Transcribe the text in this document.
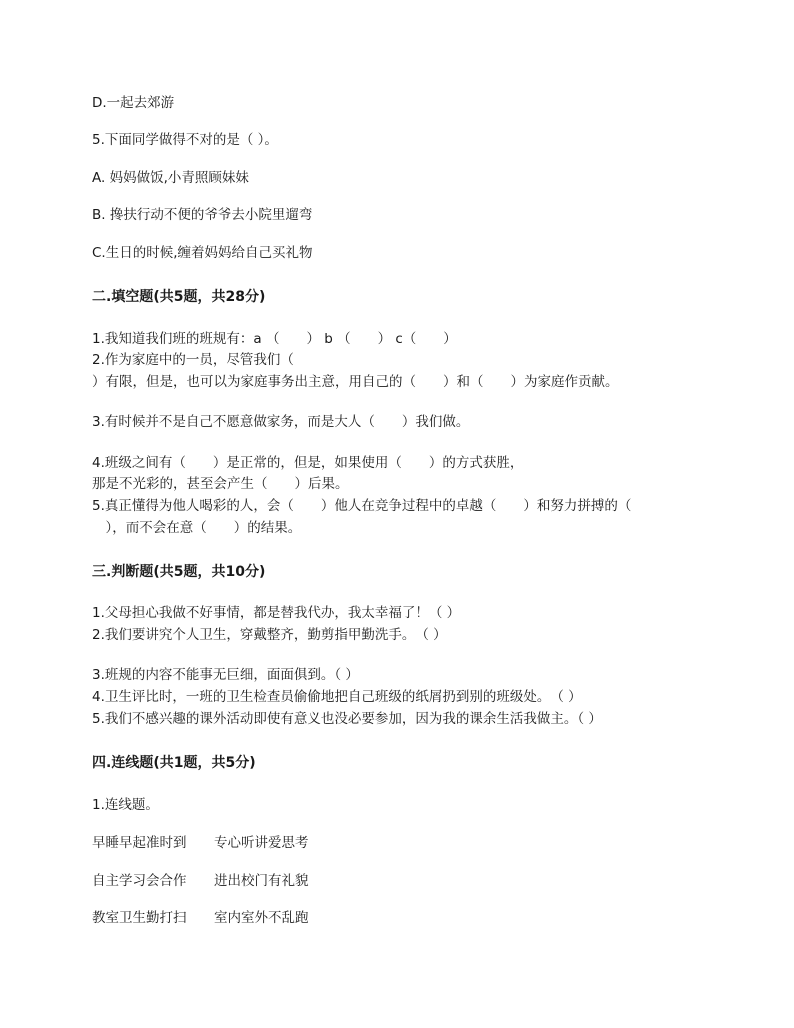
D.一起去郊游
5.下面同学做得不对的是（ ）。
A. 妈妈做饭,小青照顾妹妹
B. 搀扶行动不便的爷爷去小院里遛弯
C.生日的时候,缠着妈妈给自己买礼物
二.填空题(共5题，共28分)
1.我知道我们班的班规有：a （　　） b （　　） c（　　）
2.作为家庭中的一员，尽管我们（
）有限，但是，也可以为家庭事务出主意，用自己的（　　）和（　　）为家庭作贡献。
3.有时候并不是自己不愿意做家务，而是大人（　　）我们做。
4.班级之间有（　　）是正常的，但是，如果使用（　　）的方式获胜，
那是不光彩的，甚至会产生（　　）后果。
5.真正懂得为他人喝彩的人，会（　　）他人在竞争过程中的卓越（　　）和努力拼搏的（
　），而不会在意（　　）的结果。
三.判断题(共5题，共10分)
1.父母担心我做不好事情，都是替我代办，我太幸福了！（ ）
2.我们要讲究个人卫生，穿戴整齐，勤剪指甲勤洗手。　（ ）
3.班规的内容不能事无巨细，面面俱到。（ ）
4.卫生评比时，一班的卫生检查员偷偷地把自己班级的纸屑扔到别的班级处。　（ ）
5.我们不感兴趣的课外活动即使有意义也没必要参加，因为我的课余生活我做主。（ ）
四.连线题(共1题，共5分)
1.连线题。
早睡早起准时到 专心听讲爱思考
自主学习会合作 进出校门有礼貌
教室卫生勤打扫 室内室外不乱跑
